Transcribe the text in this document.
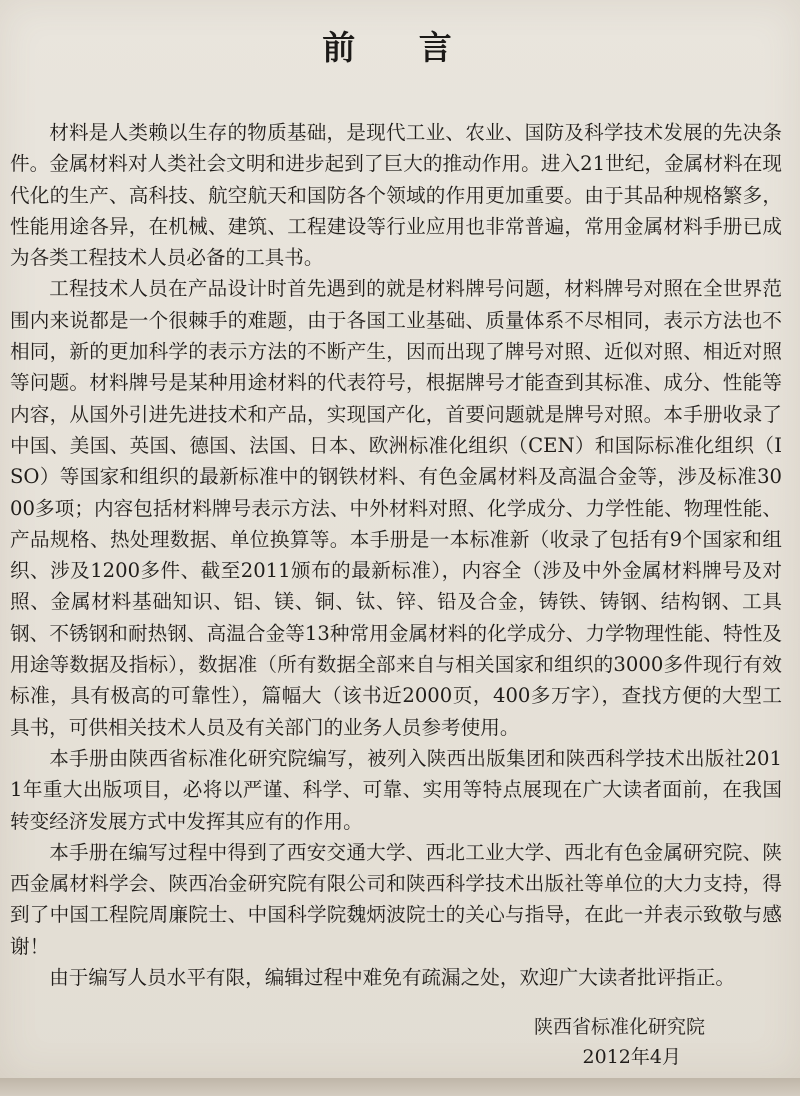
前 言

材料是人类赖以生存的物质基础，是现代工业、农业、国防及科学技术发展的先决条件。金属材料对人类社会文明和进步起到了巨大的推动作用。进入21世纪，金属材料在现代化的生产、高科技、航空航天和国防各个领域的作用更加重要。由于其品种规格繁多，性能用途各异，在机械、建筑、工程建设等行业应用也非常普遍，常用金属材料手册已成为各类工程技术人员必备的工具书。

工程技术人员在产品设计时首先遇到的就是材料牌号问题，材料牌号对照在全世界范围内来说都是一个很棘手的难题，由于各国工业基础、质量体系不尽相同，表示方法也不相同，新的更加科学的表示方法的不断产生，因而出现了牌号对照、近似对照、相近对照等问题。材料牌号是某种用途材料的代表符号，根据牌号才能查到其标准、成分、性能等内容，从国外引进先进技术和产品，实现国产化，首要问题就是牌号对照。本手册收录了中国、美国、英国、德国、法国、日本、欧洲标准化组织（CEN）和国际标准化组织（ISO）等国家和组织的最新标准中的钢铁材料、有色金属材料及高温合金等，涉及标准3000多项；内容包括材料牌号表示方法、中外材料对照、化学成分、力学性能、物理性能、产品规格、热处理数据、单位换算等。本手册是一本标准新（收录了包括有9个国家和组织、涉及1200多件、截至2011颁布的最新标准），内容全（涉及中外金属材料牌号及对照、金属材料基础知识、铝、镁、铜、钛、锌、铅及合金，铸铁、铸钢、结构钢、工具钢、不锈钢和耐热钢、高温合金等13种常用金属材料的化学成分、力学物理性能、特性及用途等数据及指标），数据准（所有数据全部来自与相关国家和组织的3000多件现行有效标准，具有极高的可靠性），篇幅大（该书近2000页，400多万字），查找方便的大型工具书，可供相关技术人员及有关部门的业务人员参考使用。

本手册由陕西省标准化研究院编写，被列入陕西出版集团和陕西科学技术出版社2011年重大出版项目，必将以严谨、科学、可靠、实用等特点展现在广大读者面前，在我国转变经济发展方式中发挥其应有的作用。

本手册在编写过程中得到了西安交通大学、西北工业大学、西北有色金属研究院、陕西金属材料学会、陕西冶金研究院有限公司和陕西科学技术出版社等单位的大力支持，得到了中国工程院周廉院士、中国科学院魏炳波院士的关心与指导，在此一并表示致敬与感谢！

由于编写人员水平有限，编辑过程中难免有疏漏之处，欢迎广大读者批评指正。

陕西省标准化研究院
2012年4月
